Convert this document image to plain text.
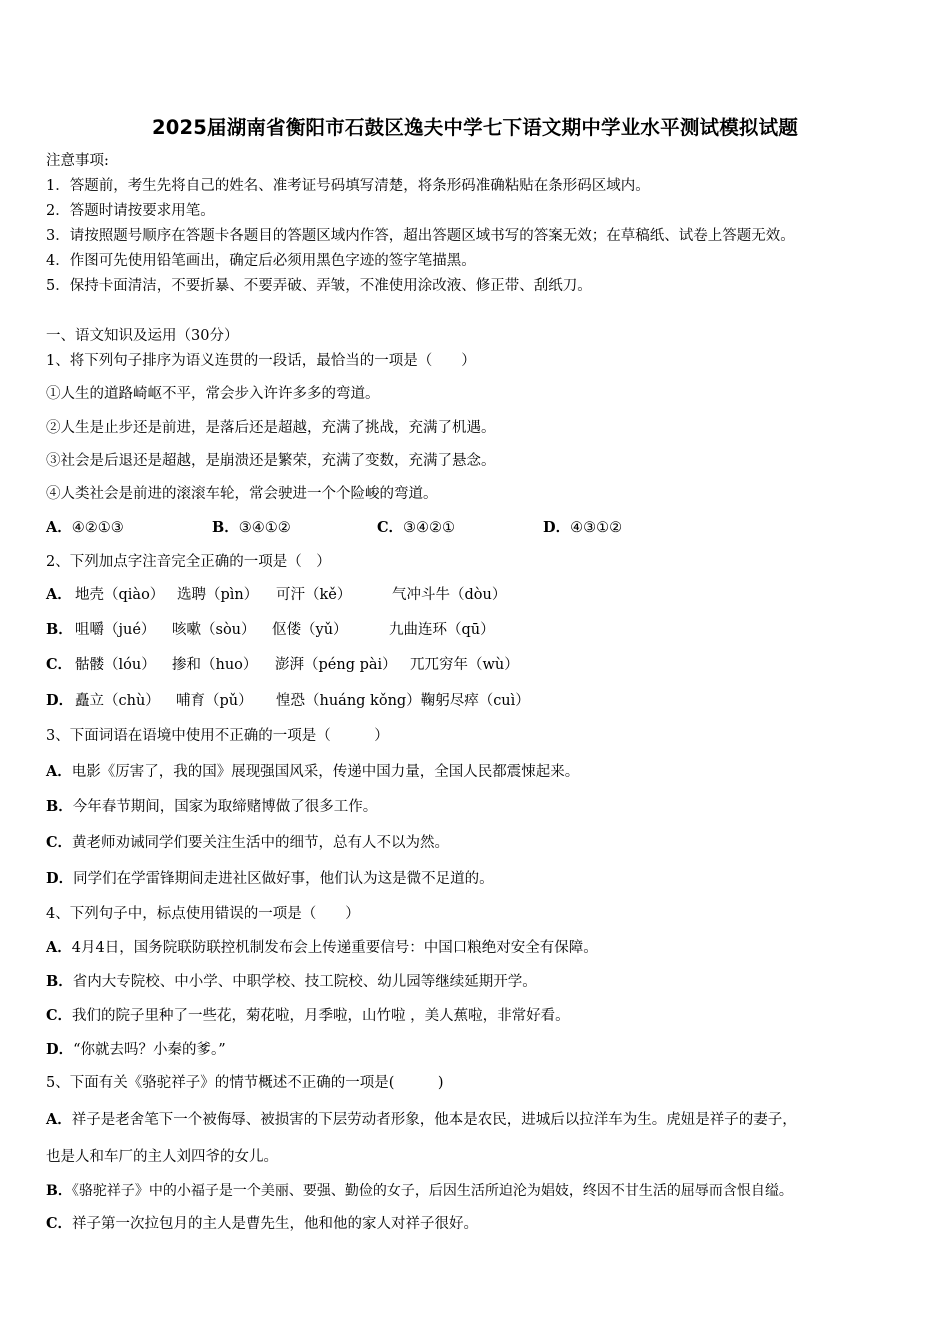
2025届湖南省衡阳市石鼓区逸夫中学七下语文期中学业水平测试模拟试题
注意事项:
1．答题前，考生先将自己的姓名、准考证号码填写清楚，将条形码准确粘贴在条形码区域内。
2．答题时请按要求用笔。
3．请按照题号顺序在答题卡各题目的答题区域内作答，超出答题区域书写的答案无效；在草稿纸、试卷上答题无效。
4．作图可先使用铅笔画出，确定后必须用黑色字迹的签字笔描黑。
5．保持卡面清洁，不要折暴、不要弄破、弄皱，不准使用涂改液、修正带、刮纸刀。
一、语文知识及运用（30分）
1、将下列句子排序为语义连贯的一段话，最恰当的一项是（　　）
①人生的道路崎岖不平，常会步入许许多多的弯道。
②人生是止步还是前进，是落后还是超越，充满了挑战，充满了机遇。
③社会是后退还是超越，是崩溃还是繁荣，充满了变数，充满了悬念。
④人类社会是前进的滚滚车轮，常会驶进一个个险峻的弯道。
A．④②①③	B．③④①②	C．③④②①	D．④③①②
2、下列加点字注音完全正确的一项是（　）
A． 地壳（qiào） 选聘（pìn） 可汗（kě）	气冲斗牛（dòu）
B． 咀嚼（jué） 咳嗽（sòu） 伛偻（yǔ）	九曲连环（qū）
C． 骷髅（lóu） 掺和（huo） 澎湃（péng pài） 兀兀穷年（wù）
D． 矗立（chù） 哺育（pǔ） 惶恐（huáng kǒng）鞠躬尽瘁（cuì）
3、下面词语在语境中使用不正确的一项是（　　　）
A．电影《厉害了，我的国》展现强国风采，传递中国力量，全国人民都震悚起来。
B．今年春节期间，国家为取缔赌博做了很多工作。
C．黄老师劝诫同学们要关注生活中的细节，总有人不以为然。
D．同学们在学雷锋期间走进社区做好事，他们认为这是微不足道的。
4、下列句子中，标点使用错误的一项是（　　）
A．4月4日，国务院联防联控机制发布会上传递重要信号：中国口粮绝对安全有保障。
B．省内大专院校、中小学、中职学校、技工院校、幼儿园等继续延期开学。
C．我们的院子里种了一些花，菊花啦，月季啦，山竹啦 ，美人蕉啦，非常好看。
D．“你就去吗？小秦的爹。”
5、下面有关《骆驼祥子》的情节概述不正确的一项是(　　　)
A．祥子是老舍笔下一个被侮辱、被损害的下层劳动者形象，他本是农民，进城后以拉洋车为生。虎妞是祥子的妻子，
也是人和车厂的主人刘四爷的女儿。
B．《骆驼祥子》中的小福子是一个美丽、要强、勤俭的女子，后因生活所迫沦为娼妓，终因不甘生活的屈辱而含恨自缢。
C．祥子第一次拉包月的主人是曹先生，他和他的家人对祥子很好。
